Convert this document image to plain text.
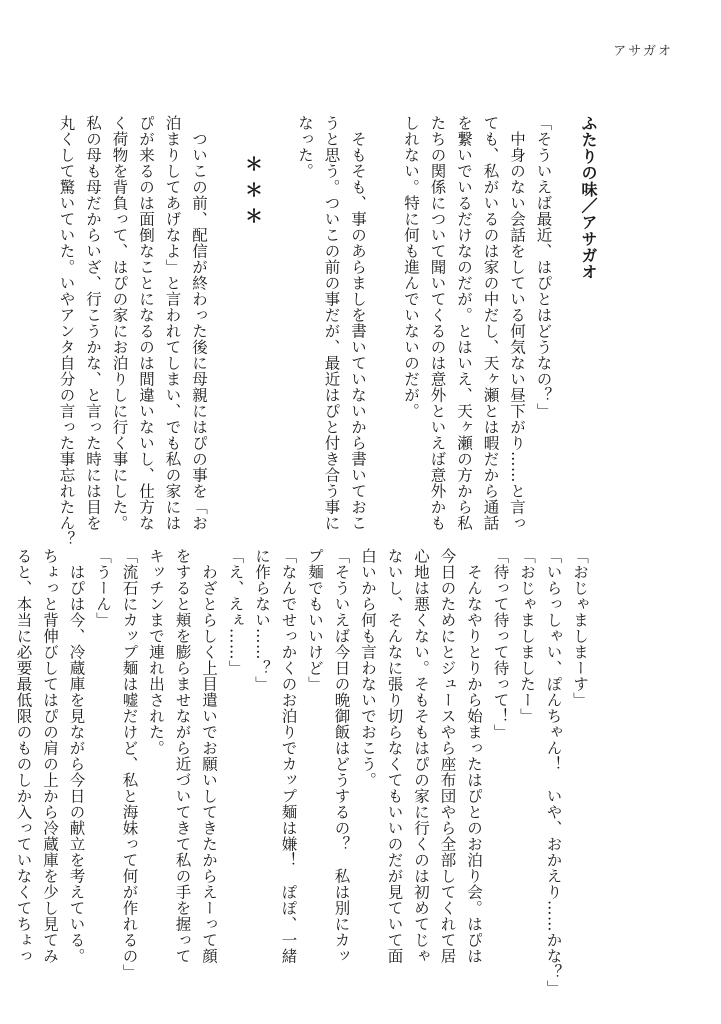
アサガオ
ふたりの味／アサガオ
「そういえば最近、はぴとはどうなの？」
　中身のない会話をしている何気ない昼下がり……と言っ
ても、私がいるのは家の中だし、天ヶ瀬とは暇だから通話
を繋いでいるだけなのだが。とはいえ、天ヶ瀬の方から私
たちの関係について聞いてくるのは意外といえば意外かも
しれない。特に何も進んでいないのだが。
　そもそも、事のあらましを書いていないから書いておこ
うと思う。ついこの前の事だが、最近はぴと付き合う事に
なった。
＊＊＊
　ついこの前、配信が終わった後に母親にはぴの事を「お
泊まりしてあげなよ」と言われてしまい、でも私の家には
ぴが来るのは面倒なことになるのは間違いないし、仕方な
く荷物を背負って、はぴの家にお泊りしに行く事にした。
私の母も母だからいざ、行こうかな、と言った時には目を
丸くして驚いていた。いやアンタ自分の言った事忘れたん？
「おじゃましまーす」
「いらっしゃい、ぽんちゃん！　いや、おかえり……かな？」
「おじゃましましたー」
「待って待って待って！」
　そんなやりとりから始まったはぴとのお泊り会。はぴは
今日のためにとジュースやら座布団やら全部してくれて居
心地は悪くない。そもそもはぴの家に行くのは初めてじゃ
ないし、そんなに張り切らなくてもいいのだが見ていて面
白いから何も言わないでおこう。
「そういえば今日の晩御飯はどうするの？　私は別にカッ
プ麺でもいいけど」
「なんでせっかくのお泊りでカップ麺は嫌！　ぽぽ、一緒
に作らない……？」
「え、えぇ……」
　わざとらしく上目遣いでお願いしてきたからえーって顔
をすると頬を膨らませながら近づいてきて私の手を握って
キッチンまで連れ出された。
「流石にカップ麺は嘘だけど、私と海妹って何が作れるの」
「うーん」
　はぴは今、冷蔵庫を見ながら今日の献立を考えている。
ちょっと背伸びしてはぴの肩の上から冷蔵庫を少し見てみ
ると、本当に必要最低限のものしか入っていなくてちょっ
